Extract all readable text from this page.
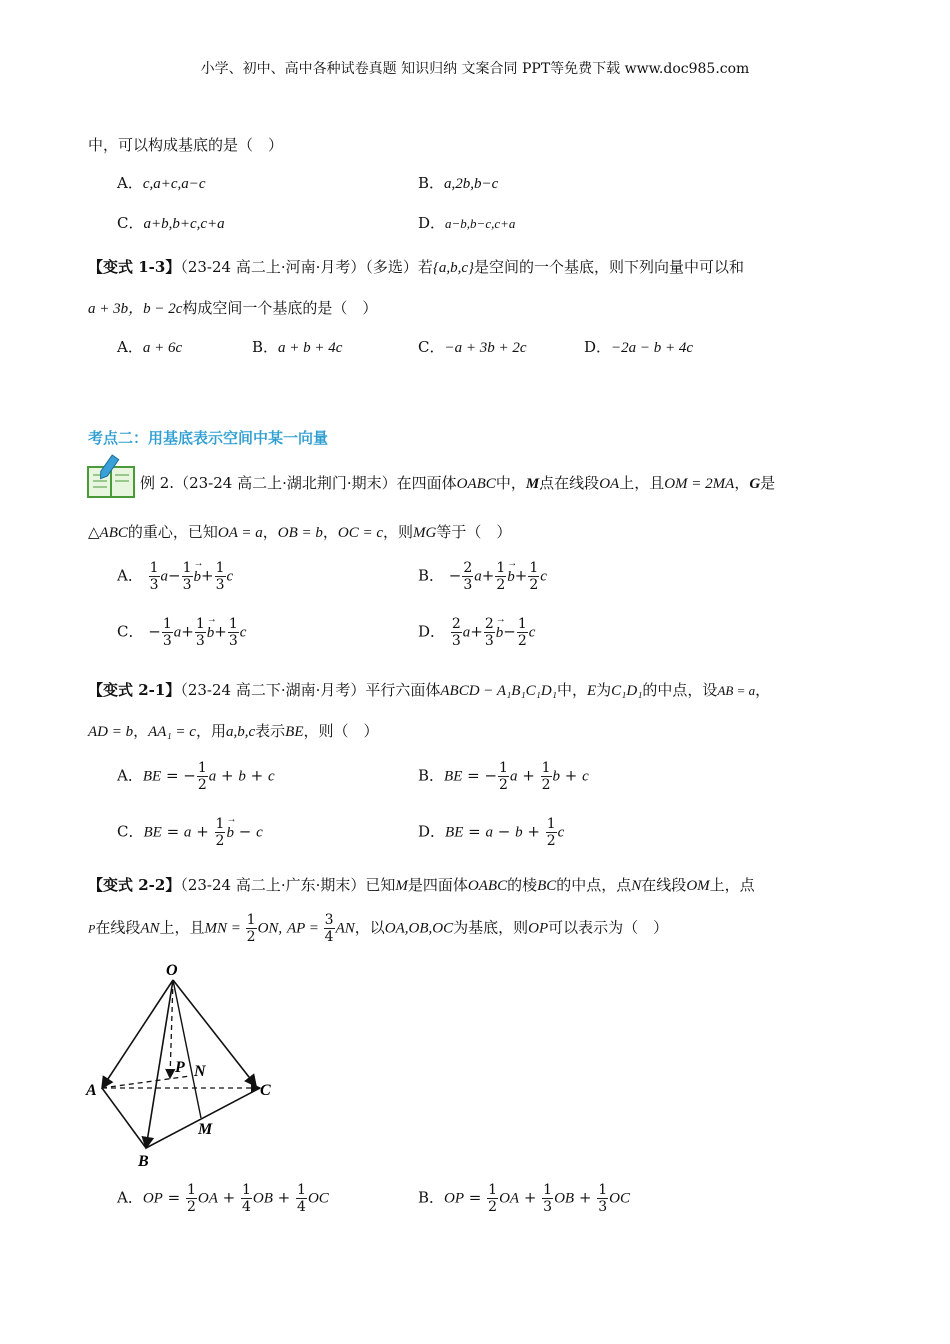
小学、初中、高中各种试卷真题 知识归纳 文案合同 PPT等免费下载 www.doc985.com
中，可以构成基底的是（　）
A．c,a+c,a−c	B．a,2b,b−c
C．a+b,b+c,c+a	D．a−b,b−c,c+a
【变式 1-3】（23-24 高二上·河南·月考）（多选）若{a,b,c}是空间的一个基底，则下列向量中可以和
a + 3b，b − 2c构成空间一个基底的是（　）
A．a + 6c	B．a + b + 4c	C．−a + 3b + 2c	D．−2a − b + 4c
考点二：用基底表示空间中某一向量
例 2.（23-24 高二上·湖北荆门·期末）在四面体OABC中，M点在线段OA上，且OM = 2MA，G是
△ABC的重心，已知OA = a，OB = b，OC = c，则MG等于（　）
A． $\frac{1}{3} a- \frac{1}{3}$
→ $b+ \frac{1}{3}$ c	B． − $\frac{2}{3} a+ \frac{1}{2}$
→ $b+ \frac{1}{2}$ c
C． − $\frac{1}{3} a+ \frac{1}{3}$
→ $b+ \frac{1}{3}$ c	D． $\frac{2}{3} a+ \frac{2}{3}$
→ $b- \frac{1}{2}$ c
【变式 2-1】（23-24 高二下·湖南·月考）平行六面体ABCD − A₁B₁C₁D₁中，E为C₁D₁的中点，设AB = a，
AD = b，AA₁ = c，用a,b,c表示BE，则（　）
A．BE = − $\frac{1}{2}$ a + b + c	B．BE = − $\frac{1}{2}$ $a + \frac{1}{2}$ b + c
C．BE = $a + \frac{1}{2}$
→ b − c	D．BE = $a - b + \frac{1}{2}$ c
【变式 2-2】（23-24 高二上·广东·期末）已知M是四面体OABC的棱BC的中点，点N在线段OM上，点
P在线段AN上，且MN = $\frac{1}{2}$ ON, AP = $\frac{3}{4}$ AN，以OA,OB,OC为基底，则OP可以表示为（　）
O
A
B
C
M
N
P
A．OP = $\frac{1}{2}$ OA + $\frac{1}{4}$ OB + $\frac{1}{4}$ OC	B．OP = $\frac{1}{2}$ OA + $\frac{1}{3}$ OB + $\frac{1}{3}$ OC
